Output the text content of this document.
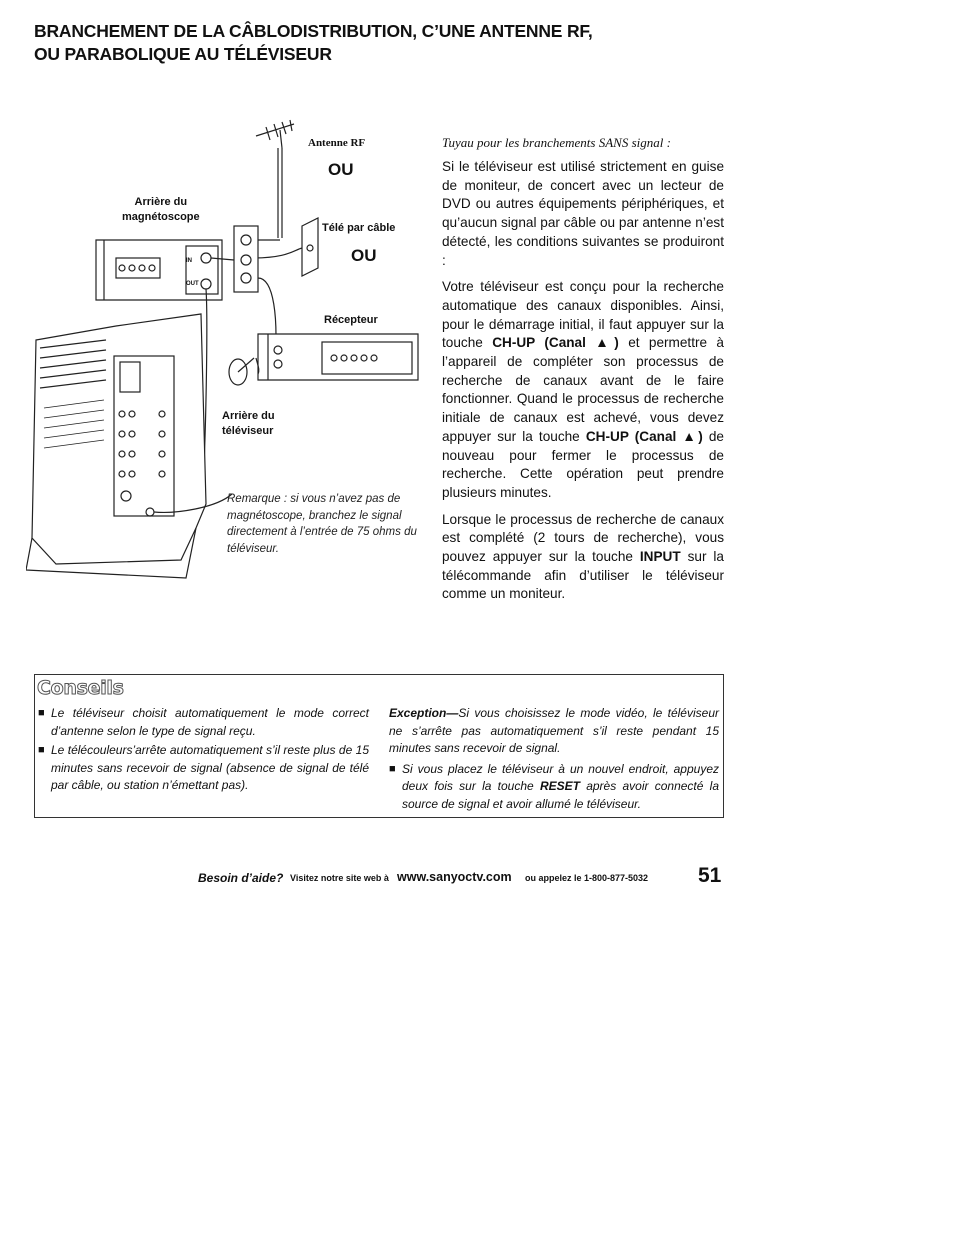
BRANCHEMENT DE LA CÂBLODISTRIBUTION, C’UNE ANTENNE RF,
OU PARABOLIQUE AU TÉLÉVISEUR
Antenne RF
OU
Télé par câble
OU
Arrière du
magnétoscope
Récepteur
Arrière du
téléviseur
IN
OUT
Remarque : si vous n’avez pas de magnétoscope, branchez le signal directement à l’entrée de 75 ohms du téléviseur.

Tuyau pour les branchements SANS signal :

Si le téléviseur est utilisé strictement en guise de moniteur, de concert avec un lecteur de DVD ou autres équipements périphériques, et qu’aucun signal par câble ou par antenne n’est détecté, les conditions suivantes se produiront :

Votre téléviseur est conçu pour la recherche automatique des canaux disponibles. Ainsi, pour le démarrage initial, il faut appuyer sur la touche CH-UP (Canal ▲) et permettre à l’appareil de compléter son processus de recherche de canaux avant de le faire fonctionner. Quand le processus de recherche initiale de canaux est achevé, vous devez appuyer sur la touche CH-UP (Canal ▲) de nouveau pour fermer le processus de recherche. Cette opération peut prendre plusieurs minutes.

Lorsque le processus de recherche de canaux est complété (2 tours de recherche), vous pouvez appuyer sur la touche INPUT sur la télécommande afin d’utiliser le téléviseur comme un moniteur.

Conseils
■ Le téléviseur choisit automatiquement le mode correct d’antenne selon le type de signal reçu.
■ Le télécouleurs’arrête automatiquement s’il reste plus de 15 minutes sans recevoir de signal (absence de signal de télé par câble, ou station n’émettant pas).
Exception—Si vous choisissez le mode vidéo, le téléviseur ne s’arrête pas automatiquement s’il reste pendant 15 minutes sans recevoir de signal.
■ Si vous placez le téléviseur à un nouvel endroit, appuyez deux fois sur la touche RESET après avoir connecté la source de signal et avoir allumé le téléviseur.
Besoin d’aide? Visitez notre site web à www.sanyoctv.com ou appelez le 1-800-877-5032 51
